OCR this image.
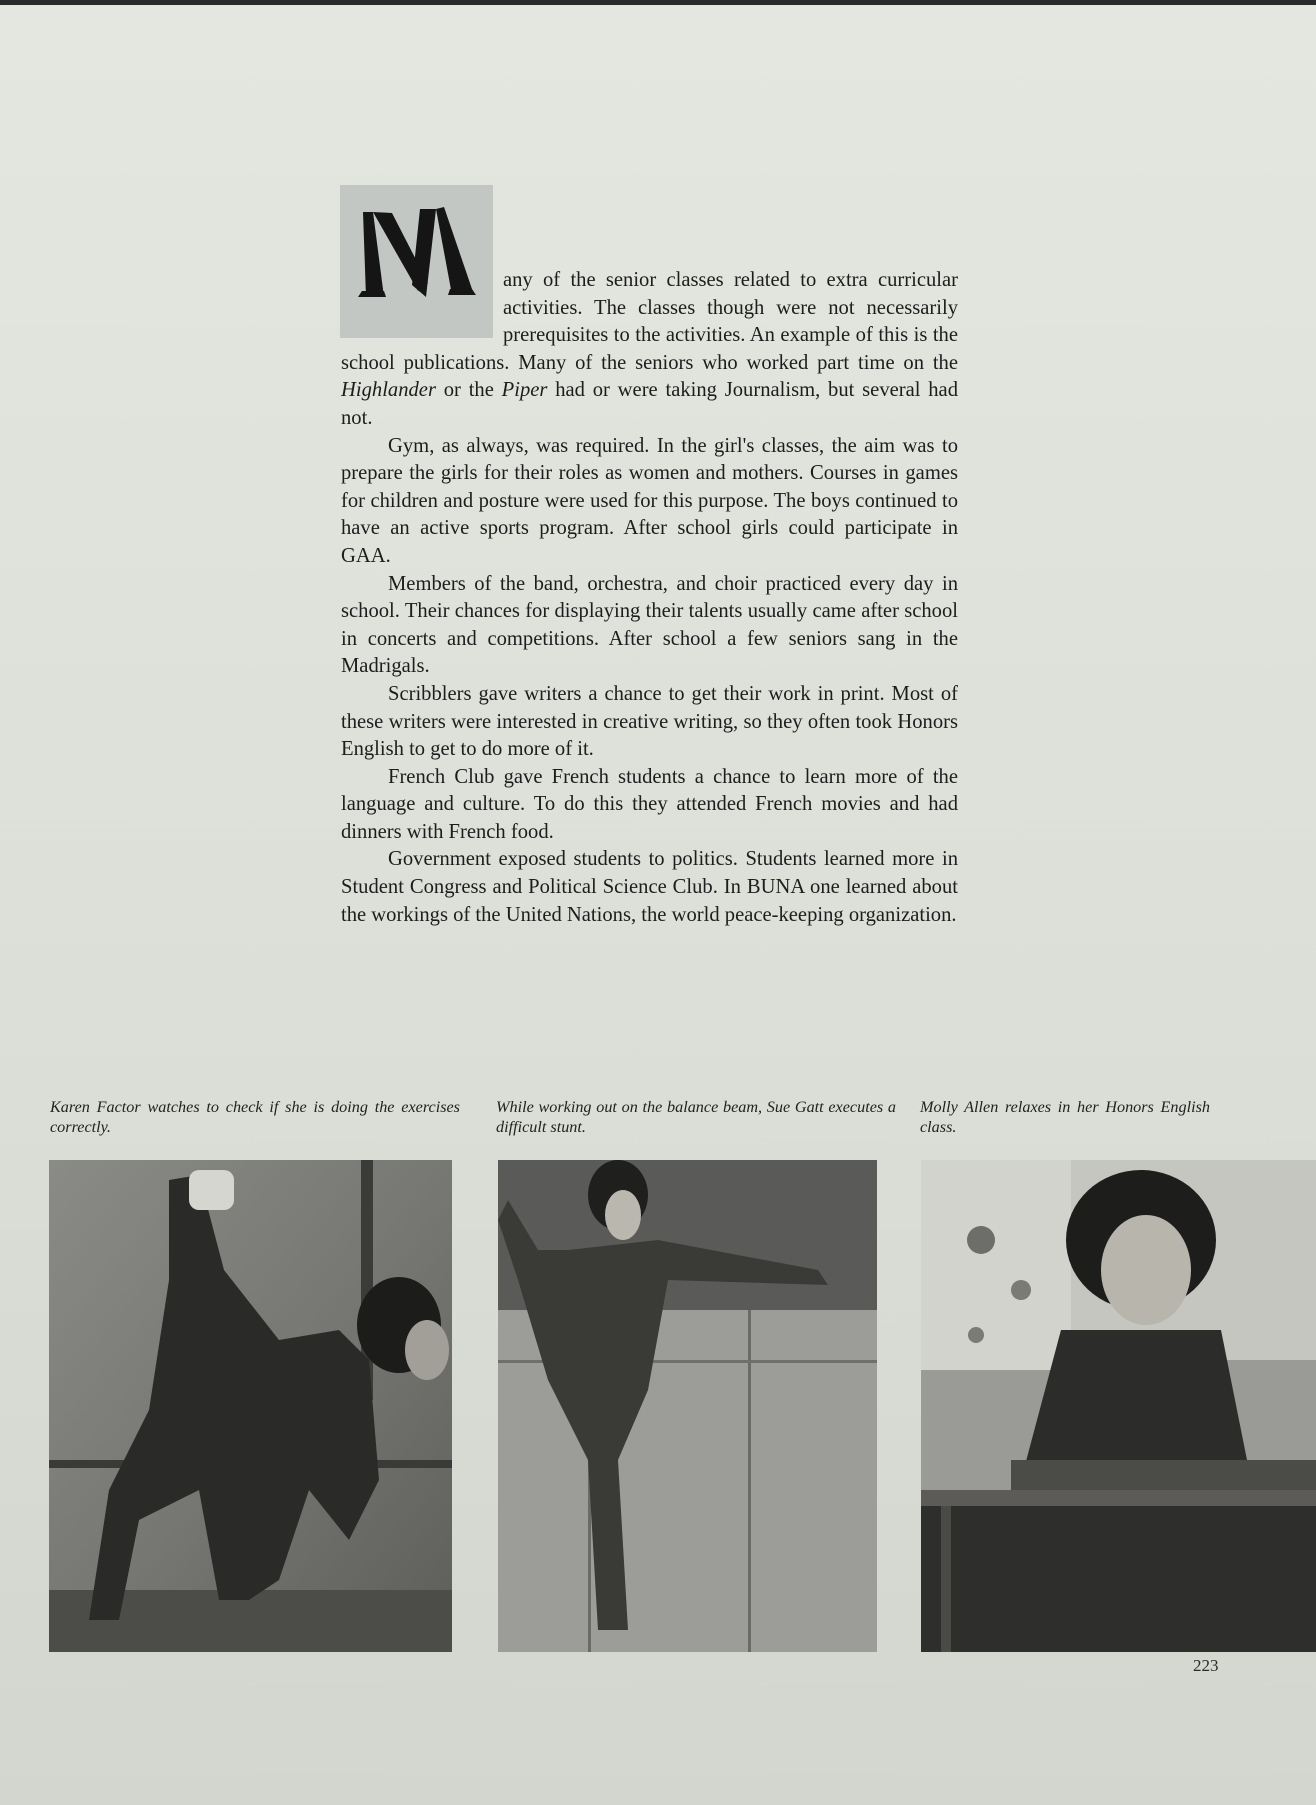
any of the senior classes related to extra curricular activities. The classes though were not necessarily prerequisites to the activities. An example of this is the school publications. Many of the seniors who worked part time on the Highlander or the Piper had or were taking Journalism, but several had not.

Gym, as always, was required. In the girl's classes, the aim was to prepare the girls for their roles as women and mothers. Courses in games for children and posture were used for this purpose. The boys continued to have an active sports program. After school girls could participate in GAA.

Members of the band, orchestra, and choir practiced every day in school. Their chances for displaying their talents usually came after school in concerts and competitions. After school a few seniors sang in the Madrigals.

Scribblers gave writers a chance to get their work in print. Most of these writers were interested in creative writing, so they often took Honors English to get to do more of it.

French Club gave French students a chance to learn more of the language and culture. To do this they attended French movies and had dinners with French food.

Government exposed students to politics. Students learned more in Student Congress and Political Science Club. In BUNA one learned about the workings of the United Nations, the world peace-keeping organization.

Karen Factor watches to check if she is doing the exercises correctly.
While working out on the balance beam, Sue Gatt executes a difficult stunt.
Molly Allen relaxes in her Honors English class.
223
